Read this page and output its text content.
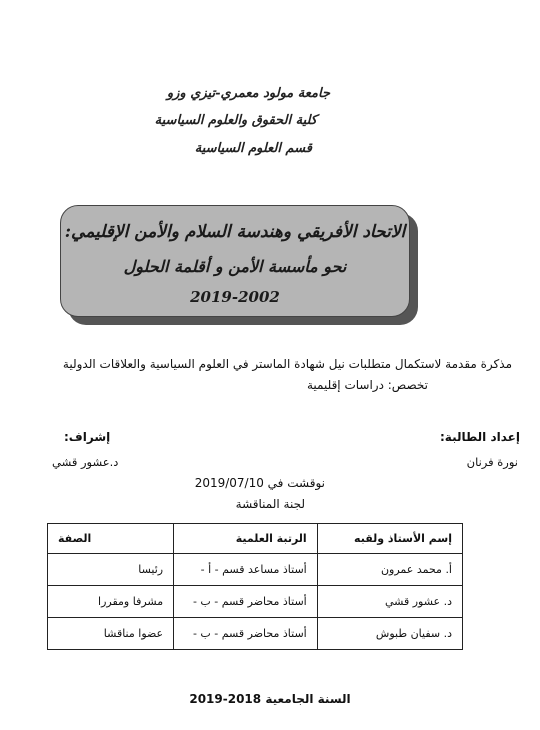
جامعة مولود معمري-تيزي وزو
كلية الحقوق والعلوم السياسية
قسم العلوم السياسية
الاتحاد الأفريقي وهندسة السلام والأمن الإقليمي:
نحو مأسسة الأمن و أقلمة الحلول
2019-2002
مذكرة مقدمة لاستكمال متطلبات نيل شهادة الماستر في العلوم السياسية والعلاقات الدولية
تخصص: دراسات إقليمية
إعداد الطالبة:
إشراف:
نورة فرنان
د.عشور قشي
نوقشت في 2019/07/10
لجنة المناقشة
إسم الأستاذ ولقبه	الرتبة العلمية	الصفة
أ. محمد عمرون	أستاذ مساعد قسم - أ -	رئيسا
د. عشور قشي	أستاذ محاضر قسم - ب -	مشرفا ومقررا
د. سفيان طبوش	أستاذ محاضر قسم - ب -	عضوا مناقشا
السنة الجامعية 2018-2019
